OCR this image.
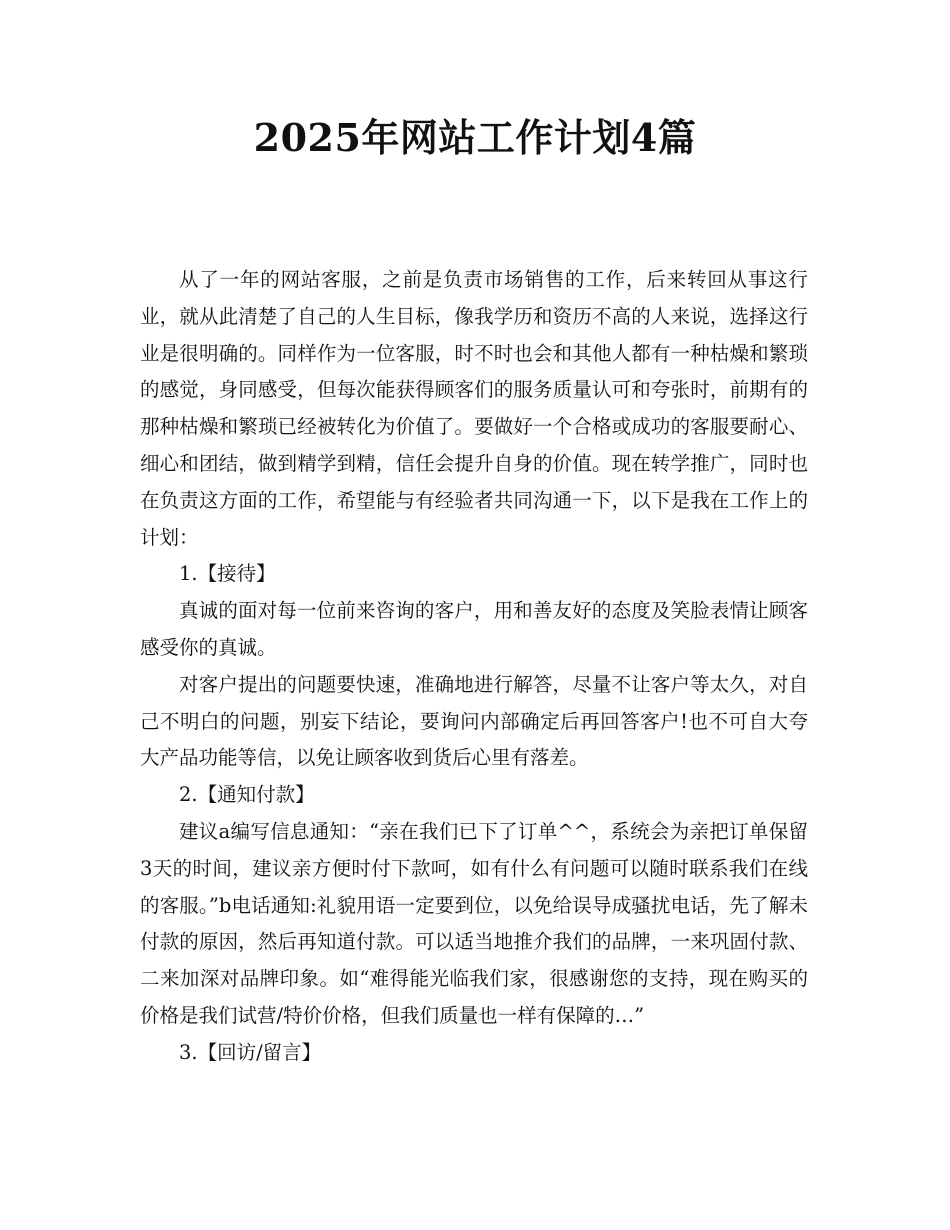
2025年网站工作计划4篇

从了一年的网站客服，之前是负责市场销售的工作，后来转回从事这行业，就从此清楚了自己的人生目标，像我学历和资历不高的人来说，选择这行业是很明确的。同样作为一位客服，时不时也会和其他人都有一种枯燥和繁琐的感觉，身同感受，但每次能获得顾客们的服务质量认可和夸张时，前期有的那种枯燥和繁琐已经被转化为价值了。要做好一个合格或成功的客服要耐心、细心和团结，做到精学到精，信任会提升自身的价值。现在转学推广，同时也在负责这方面的工作，希望能与有经验者共同沟通一下，以下是我在工作上的计划：

1.【接待】

真诚的面对每一位前来咨询的客户，用和善友好的态度及笑脸表情让顾客感受你的真诚。

对客户提出的问题要快速，准确地进行解答，尽量不让客户等太久，对自己不明白的问题，别妄下结论，要询问内部确定后再回答客户!也不可自大夸大产品功能等信，以免让顾客收到货后心里有落差。

2.【通知付款】

建议a编写信息通知：“亲在我们已下了订单^^，系统会为亲把订单保留3天的时间，建议亲方便时付下款呵，如有什么有问题可以随时联系我们在线的客服。”b电话通知:礼貌用语一定要到位，以免给误导成骚扰电话，先了解未付款的原因，然后再知道付款。可以适当地推介我们的品牌，一来巩固付款、二来加深对品牌印象。如“难得能光临我们家，很感谢您的支持，现在购买的价格是我们试营/特价价格，但我们质量也一样有保障的…”

3.【回访/留言】
